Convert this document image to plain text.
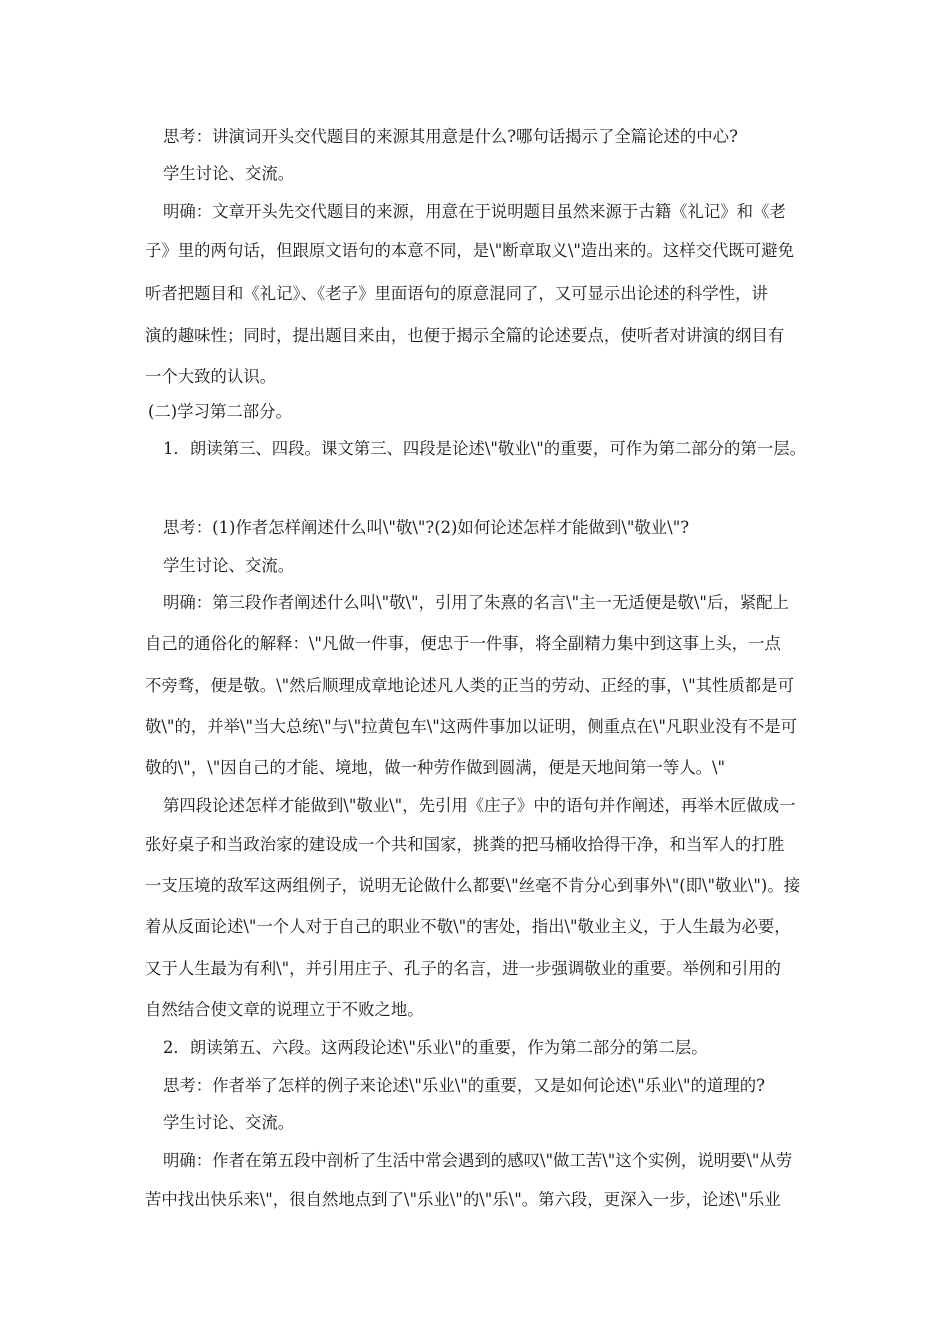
思考：讲演词开头交代题目的来源其用意是什么?哪句话揭示了全篇论述的中心?
学生讨论、交流。
明确：文章开头先交代题目的来源，用意在于说明题目虽然来源于古籍《礼记》和《老
子》里的两句话，但跟原文语句的本意不同，是\"断章取义\"造出来的。这样交代既可避免
听者把题目和《礼记》、《老子》里面语句的原意混同了，又可显示出论述的科学性，讲
演的趣味性；同时，提出题目来由，也便于揭示全篇的论述要点，使听者对讲演的纲目有
一个大致的认识。
(二)学习第二部分。
1．朗读第三、四段。课文第三、四段是论述\"敬业\"的重要，可作为第二部分的第一层。
思考：(1)作者怎样阐述什么叫\"敬\"?(2)如何论述怎样才能做到\"敬业\"?
学生讨论、交流。
明确：第三段作者阐述什么叫\"敬\"，引用了朱熹的名言\"主一无适便是敬\"后，紧配上
自己的通俗化的解释：\"凡做一件事，便忠于一件事，将全副精力集中到这事上头，一点
不旁骛，便是敬。\"然后顺理成章地论述凡人类的正当的劳动、正经的事，\"其性质都是可
敬\"的，并举\"当大总统\"与\"拉黄包车\"这两件事加以证明，侧重点在\"凡职业没有不是可
敬的\"，\"因自己的才能、境地，做一种劳作做到圆满，便是天地间第一等人。\"
第四段论述怎样才能做到\"敬业\"，先引用《庄子》中的语句并作阐述，再举木匠做成一
张好桌子和当政治家的建设成一个共和国家，挑粪的把马桶收拾得干净，和当军人的打胜
一支压境的敌军这两组例子，说明无论做什么都要\"丝毫不肯分心到事外\"(即\"敬业\")。接
着从反面论述\"一个人对于自己的职业不敬\"的害处，指出\"敬业主义，于人生最为必要，
又于人生最为有利\"，并引用庄子、孔子的名言，进一步强调敬业的重要。举例和引用的
自然结合使文章的说理立于不败之地。
2．朗读第五、六段。这两段论述\"乐业\"的重要，作为第二部分的第二层。
思考：作者举了怎样的例子来论述\"乐业\"的重要，又是如何论述\"乐业\"的道理的?
学生讨论、交流。
明确：作者在第五段中剖析了生活中常会遇到的感叹\"做工苦\"这个实例，说明要\"从劳
苦中找出快乐来\"，很自然地点到了\"乐业\"的\"乐\"。第六段，更深入一步，论述\"乐业
